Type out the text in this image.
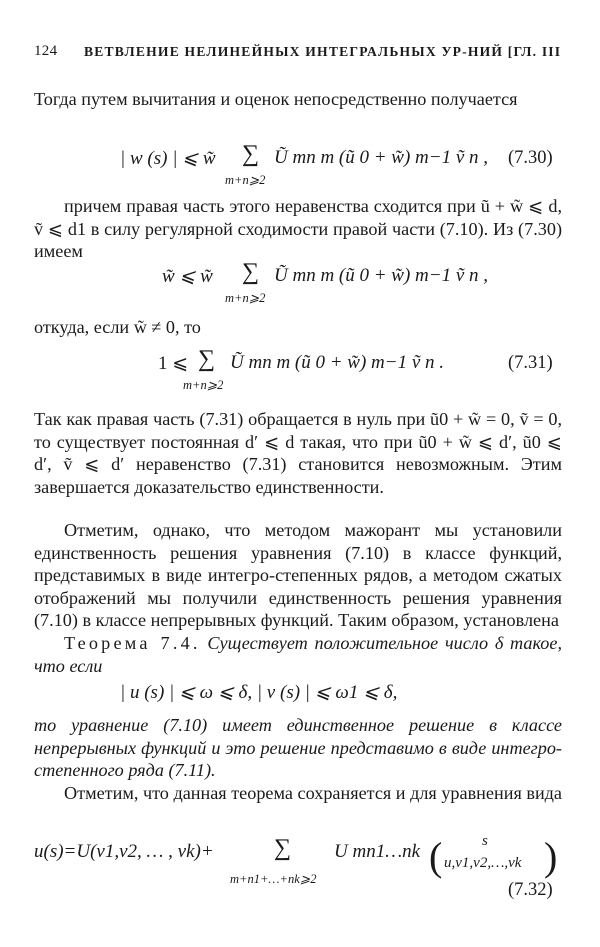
124 ВЕТВЛЕНИЕ НЕЛИНЕЙНЫХ ИНТЕГРАЛЬНЫХ УР-НИЙ [ГЛ. III
Тогда путем вычитания и оценок непосредственно получается
| w (s) | ⩽ w̃ ∑ Ũ mn m (ũ 0 + w̃) m−1 ṽ n ,
m+n⩾2
(7.30)
причем правая часть этого неравенства сходится при ũ + w̃ ⩽ d, ṽ ⩽ d1 в силу регулярной сходимости правой части (7.10). Из (7.30) имеем
w̃ ⩽ w̃ ∑ Ũ mn m (ũ 0 + w̃) m−1 ṽ n ,
m+n⩾2
откуда, если w̃ ≠ 0, то
1 ⩽ ∑ Ũ mn m (ũ 0 + w̃) m−1 ṽ n .
m+n⩾2
(7.31)
Так как правая часть (7.31) обращается в нуль при ũ0 + w̃ = 0, ṽ = 0, то существует постоянная d′ ⩽ d такая, что при ũ0 + w̃ ⩽ d′, ũ0 ⩽ d′, ṽ ⩽ d′ неравенство (7.31) становится невозможным. Этим завершается доказательство единственности.
Отметим, однако, что методом мажорант мы установили единственность решения уравнения (7.10) в классе функций, представимых в виде интегро-степенных рядов, а методом сжатых отображений мы получили единственность решения уравнения (7.10) в классе непрерывных функций. Таким образом, установлена
Теорема 7.4. Существует положительное число δ такое, что если
| u (s) | ⩽ ω ⩽ δ, | v (s) | ⩽ ω1 ⩽ δ,
то уравнение (7.10) имеет единственное решение в классе непрерывных функций и это решение представимо в виде интегро-степенного ряда (7.11).
Отметим, что данная теорема сохраняется и для уравнения вида
u(s)=U(v1,v2, … , vk)+	∑
m+n1+…+nk⩾2
U mn1…nk (	s
u,v1,v2,…,vk )
(7.32)
